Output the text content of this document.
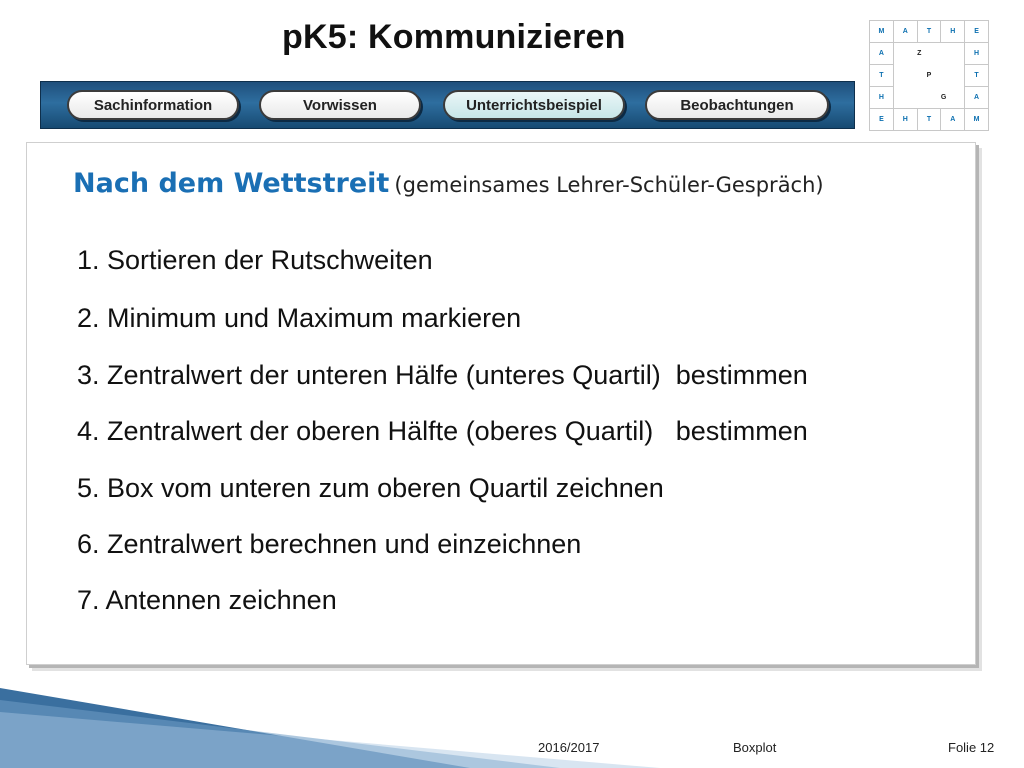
pK5: Kommunizieren	M	A	T	H	E
A		Z		H
T		P		T
H			G	A
E	H	T	A	M
Sachinformation	Vorwissen	Unterrichtsbeispiel	Beobachtungen
Nach dem Wettstreit (gemeinsames Lehrer-Schüler-Gespräch)
1. Sortieren der Rutschweiten
2. Minimum und Maximum markieren
3. Zentralwert der unteren Hälfe (unteres Quartil)  bestimmen
4. Zentralwert der oberen Hälfte (oberes Quartil)   bestimmen
5. Box vom unteren zum oberen Quartil zeichnen
6. Zentralwert berechnen und einzeichnen
7. Antennen zeichnen
2016/2017	Boxplot	Folie 12
